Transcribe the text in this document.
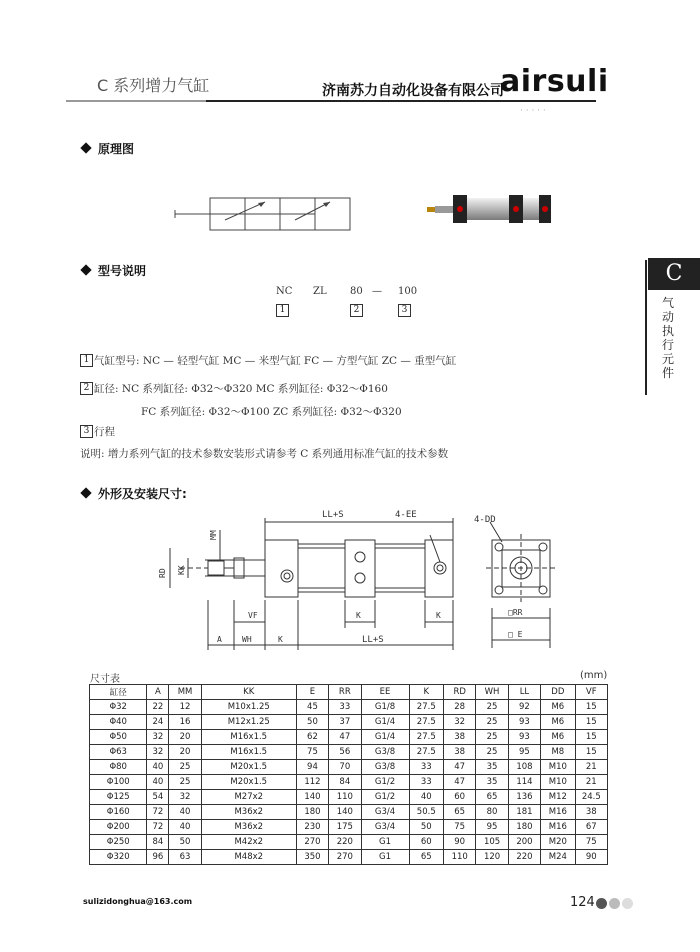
C 系列增力气缸	济南苏力自动化设备有限公司
airsuli
· · · · ·
C
气动执行元件
原理图
型号说明
NC ZL 80 — 100
1	2	3
1 气缸型号: NC — 轻型气缸 MC — 米型气缸 FC — 方型气缸 ZC — 重型气缸
2 缸径: NC 系列缸径: Φ32～Φ320 MC 系列缸径: Φ32～Φ160
FC 系列缸径: Φ32～Φ100 ZC 系列缸径: Φ32～Φ320
3 行程
说明: 增力系列气缸的技术参数安装形式请参考 C 系列通用标准气缸的技术参数
外形及安装尺寸:
LL+S	4-EE	4-DD
MM
RD KK
VF	K	K
A	WH	K	LL+S
□RR
□ E
尺寸表	(mm)
缸径	A	MM	KK	E	RR	EE	K	RD	WH	LL	DD	VF
Φ32	22	12	M10x1.25	45	33	G1/8	27.5	28	25	92	M6	15
Φ40	24	16	M12x1.25	50	37	G1/4	27.5	32	25	93	M6	15
Φ50	32	20	M16x1.5	62	47	G1/4	27.5	38	25	93	M6	15
Φ63	32	20	M16x1.5	75	56	G3/8	27.5	38	25	95	M8	15
Φ80	40	25	M20x1.5	94	70	G3/8	33	47	35	108	M10	21
Φ100	40	25	M20x1.5	112	84	G1/2	33	47	35	114	M10	21
Φ125	54	32	M27x2	140	110	G1/2	40	60	65	136	M12	24.5
Φ160	72	40	M36x2	180	140	G3/4	50.5	65	80	181	M16	38
Φ200	72	40	M36x2	230	175	G3/4	50	75	95	180	M16	67
Φ250	84	50	M42x2	270	220	G1	60	90	105	200	M20	75
Φ320	96	63	M48x2	350	270	G1	65	110	120	220	M24	90
sulizidonghua@163.com	124
